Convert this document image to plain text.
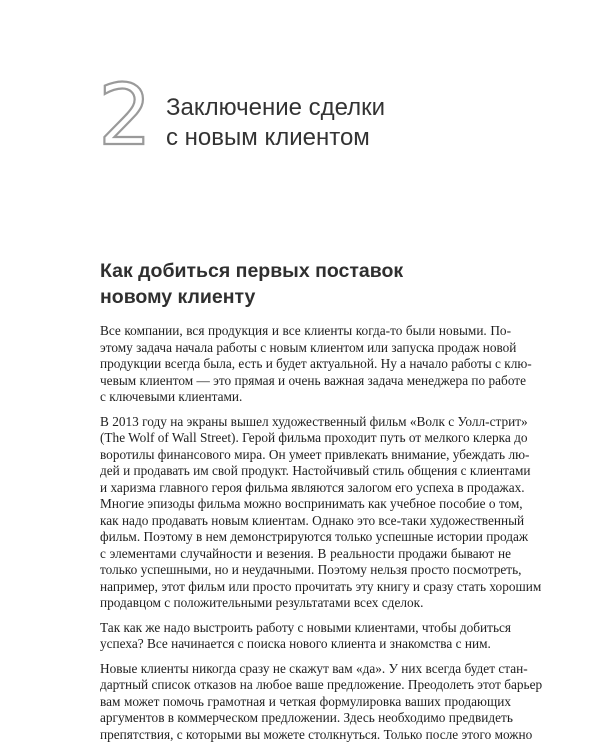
2 Заключение сделки
с новым клиентом
Как добиться первых поставок
новому клиенту
Все компании, вся продукция и все клиенты когда-то были новыми. По-
этому задача начала работы с новым клиентом или запуска продаж новой
продукции всегда была, есть и будет актуальной. Ну а начало работы с клю-
чевым клиентом — это прямая и очень важная задача менеджера по работе
с ключевыми клиентами.
В 2013 году на экраны вышел художественный фильм «Волк с Уолл-стрит»
(The Wolf of Wall Street). Герой фильма проходит путь от мелкого клерка до
воротилы финансового мира. Он умеет привлекать внимание, убеждать лю-
дей и продавать им свой продукт. Настойчивый стиль общения с клиентами
и харизма главного героя фильма являются залогом его успеха в продажах.
Многие эпизоды фильма можно воспринимать как учебное пособие о том,
как надо продавать новым клиентам. Однако это все-таки художественный
фильм. Поэтому в нем демонстрируются только успешные истории продаж
с элементами случайности и везения. В реальности продажи бывают не
только успешными, но и неудачными. Поэтому нельзя просто посмотреть,
например, этот фильм или просто прочитать эту книгу и сразу стать хорошим
продавцом с положительными результатами всех сделок.
Так как же надо выстроить работу с новыми клиентами, чтобы добиться
успеха? Все начинается с поиска нового клиента и знакомства с ним.
Новые клиенты никогда сразу не скажут вам «да». У них всегда будет стан-
дартный список отказов на любое ваше предложение. Преодолеть этот барьер
вам может помочь грамотная и четкая формулировка ваших продающих
аргументов в коммерческом предложении. Здесь необходимо предвидеть
препятствия, с которыми вы можете столкнуться. Только после этого можно
